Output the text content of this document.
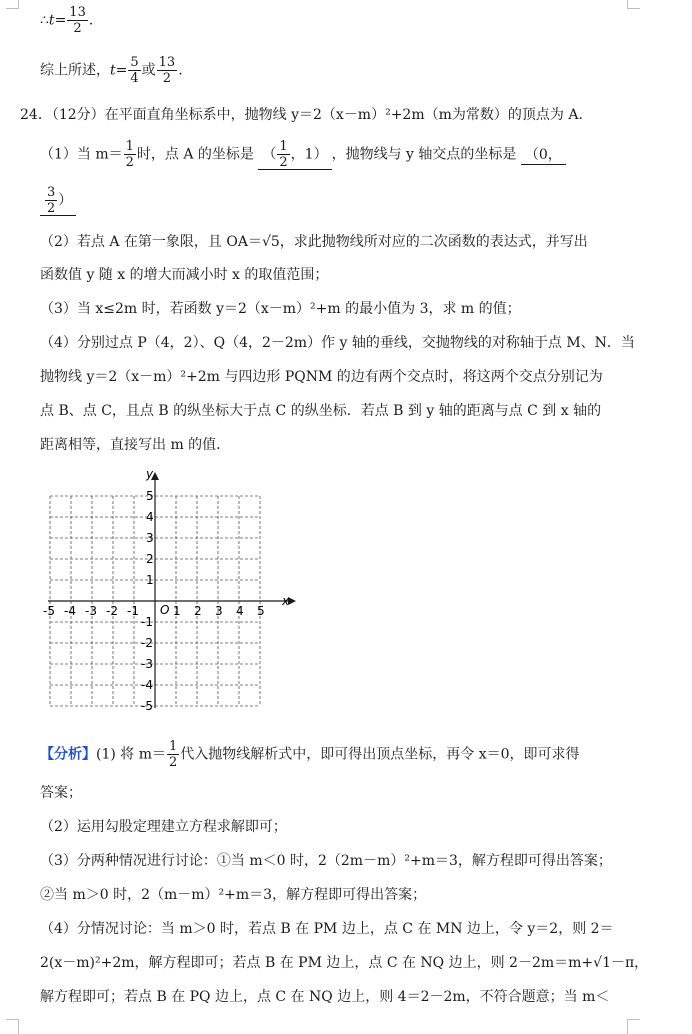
∴t= $\frac{13}{2}$ .
综上所述，$t= \frac{5}{4}$ 或 $\frac{13}{2}$ .
24．（12分）在平面直角坐标系中，抛物线 y＝2（x－m）²+2m（m为常数）的顶点为 A．
（1）当 $m= \frac{1}{2}$ 时，点 A 的坐标是 （ $\frac{1}{2}$ ，1） ，抛物线与 y 轴交点的坐标是 （0，
$\frac{3}{2}$ ）
（2）若点 A 在第一象限，且 OA＝√5，求此抛物线所对应的二次函数的表达式，并写出
函数值 y 随 x 的增大而减小时 x 的取值范围；
（3）当 x≤2m 时，若函数 y＝2（x－m）²+m 的最小值为 3，求 m 的值；
（4）分别过点 P（4，2）、Q（4，2－2m）作 y 轴的垂线，交抛物线的对称轴于点 M、N．当
抛物线 y＝2（x－m）²+2m 与四边形 PQNM 的边有两个交点时，将这两个交点分别记为
点 B、点 C，且点 B 的纵坐标大于点 C 的纵坐标．若点 B 到 y 轴的距离与点 C 到 x 轴的
距离相等，直接写出 m 的值．
x
y
O
-5 -4 -3 -2 -1	1 2 3 4 5
5
4
3
2
1
-1
-2
-3
-4
-5
【分析】(1) 将 $m= \frac{1}{2}$ 代入抛物线解析式中，即可得出顶点坐标，再令 x＝0，即可求得
答案；
（2）运用勾股定理建立方程求解即可；
（3）分两种情况进行讨论：①当 m＜0 时，2（2m－m）²+m＝3，解方程即可得出答案；
②当 m＞0 时，2（m－m）²+m＝3，解方程即可得出答案；
（4）分情况讨论：当 m＞0 时，若点 B 在 PM 边上，点 C 在 MN 边上，令 y＝2，则 2＝
2(x－m)²+2m，解方程即可；若点 B 在 PM 边上，点 C 在 NQ 边上，则 2－2m＝m+√1－π，
解方程即可；若点 B 在 PQ 边上，点 C 在 NQ 边上，则 4＝2－2m，不符合题意；当 m＜
